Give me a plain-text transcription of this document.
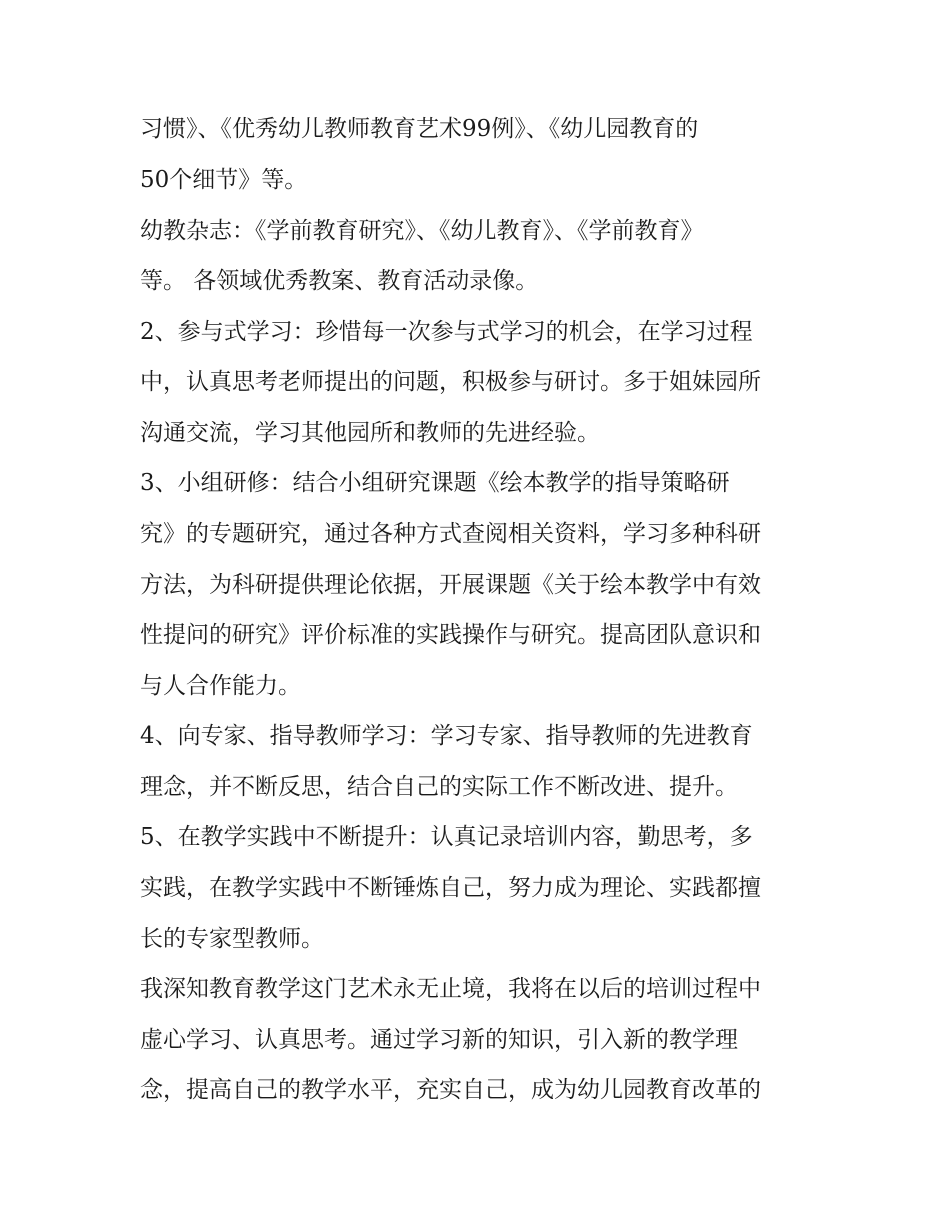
习惯》、《优秀幼儿教师教育艺术99例》、《幼儿园教育的
50个细节》等。
幼教杂志：《学前教育研究》、《幼儿教育》、《学前教育》
等。 各领域优秀教案、教育活动录像。
2、参与式学习：珍惜每一次参与式学习的机会，在学习过程
中，认真思考老师提出的问题，积极参与研讨。多于姐妹园所
沟通交流，学习其他园所和教师的先进经验。
3、小组研修：结合小组研究课题《绘本教学的指导策略研
究》的专题研究，通过各种方式查阅相关资料，学习多种科研
方法，为科研提供理论依据，开展课题《关于绘本教学中有效
性提问的研究》评价标准的实践操作与研究。提高团队意识和
与人合作能力。
4、向专家、指导教师学习：学习专家、指导教师的先进教育
理念，并不断反思，结合自己的实际工作不断改进、提升。
5、在教学实践中不断提升：认真记录培训内容，勤思考，多
实践，在教学实践中不断锤炼自己，努力成为理论、实践都擅
长的专家型教师。
我深知教育教学这门艺术永无止境，我将在以后的培训过程中
虚心学习、认真思考。通过学习新的知识，引入新的教学理
念，提高自己的教学水平，充实自己，成为幼儿园教育改革的
